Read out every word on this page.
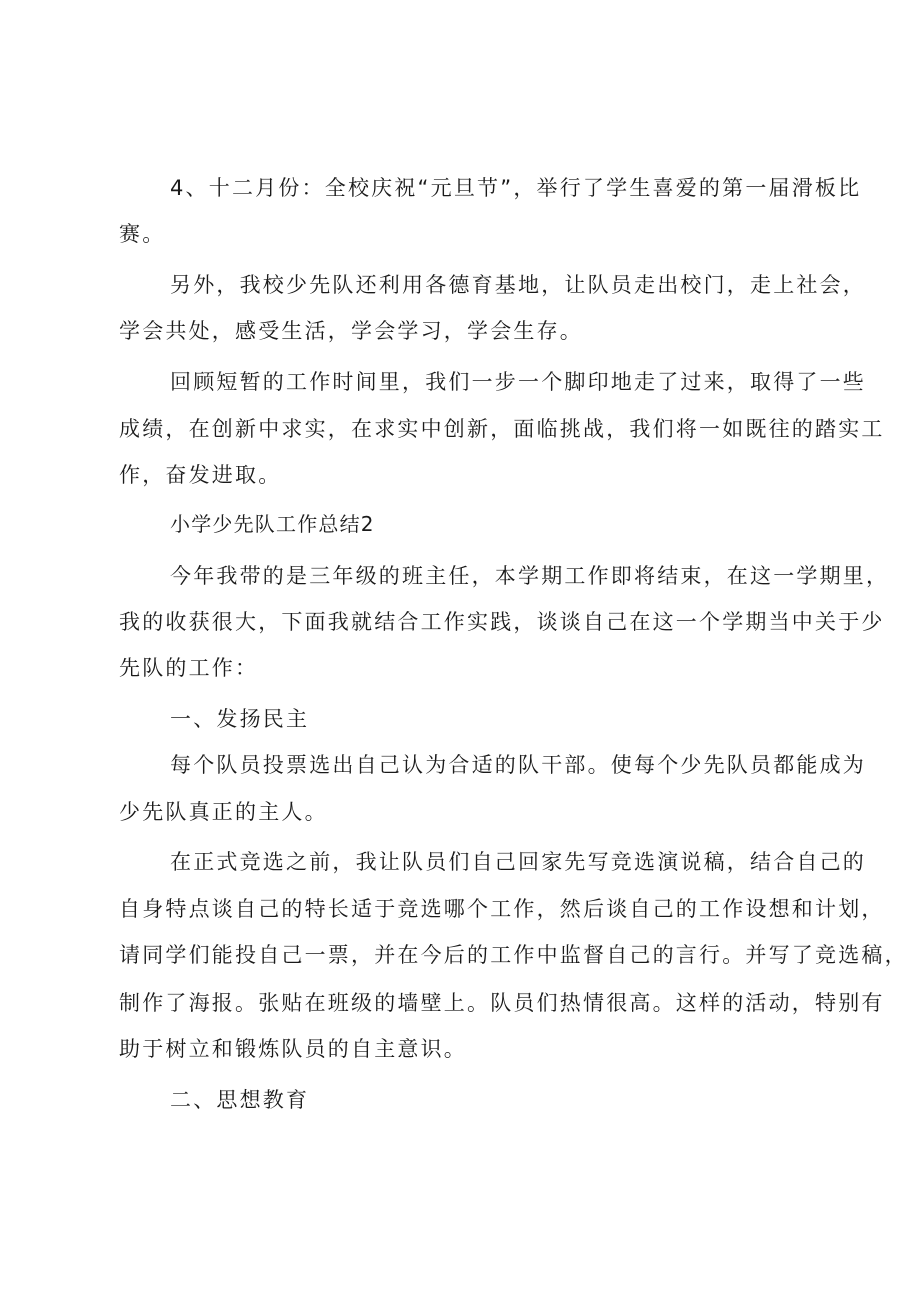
4、十二月份：全校庆祝“元旦节”，举行了学生喜爱的第一届滑板比
赛。
另外，我校少先队还利用各德育基地，让队员走出校门，走上社会，
学会共处，感受生活，学会学习，学会生存。
回顾短暂的工作时间里，我们一步一个脚印地走了过来，取得了一些
成绩，在创新中求实，在求实中创新，面临挑战，我们将一如既往的踏实工
作，奋发进取。
小学少先队工作总结2
今年我带的是三年级的班主任，本学期工作即将结束，在这一学期里，
我的收获很大，下面我就结合工作实践，谈谈自己在这一个学期当中关于少
先队的工作：
一、发扬民主
每个队员投票选出自己认为合适的队干部。使每个少先队员都能成为
少先队真正的主人。
在正式竞选之前，我让队员们自己回家先写竞选演说稿，结合自己的
自身特点谈自己的特长适于竞选哪个工作，然后谈自己的工作设想和计划，
请同学们能投自己一票，并在今后的工作中监督自己的言行。并写了竞选稿，
制作了海报。张贴在班级的墙壁上。队员们热情很高。这样的活动，特别有
助于树立和锻炼队员的自主意识。
二、思想教育
